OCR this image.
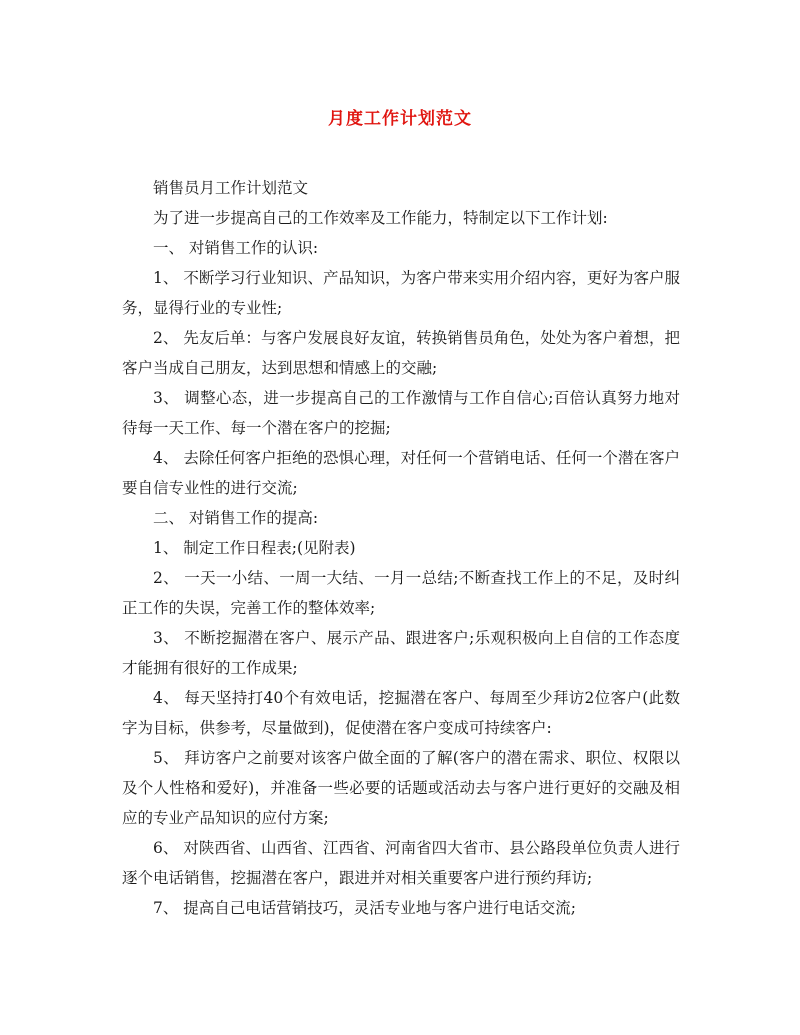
月度工作计划范文

销售员月工作计划范文

为了进一步提高自己的工作效率及工作能力，特制定以下工作计划:

一、 对销售工作的认识:

1、 不断学习行业知识、产品知识，为客户带来实用介绍内容，更好为客户服务，显得行业的专业性;

2、 先友后单：与客户发展良好友谊，转换销售员角色，处处为客户着想，把客户当成自己朋友，达到思想和情感上的交融;

3、 调整心态，进一步提高自己的工作激情与工作自信心;百倍认真努力地对待每一天工作、每一个潜在客户的挖掘;

4、 去除任何客户拒绝的恐惧心理，对任何一个营销电话、任何一个潜在客户要自信专业性的进行交流;

二、 对销售工作的提高:

1、 制定工作日程表;(见附表)

2、 一天一小结、一周一大结、一月一总结;不断查找工作上的不足，及时纠正工作的失误，完善工作的整体效率;

3、 不断挖掘潜在客户、展示产品、跟进客户;乐观积极向上自信的工作态度才能拥有很好的工作成果;

4、 每天坚持打40个有效电话，挖掘潜在客户、每周至少拜访2位客户(此数字为目标，供参考，尽量做到)，促使潜在客户变成可持续客户:

5、 拜访客户之前要对该客户做全面的了解(客户的潜在需求、职位、权限以及个人性格和爱好)，并准备一些必要的话题或活动去与客户进行更好的交融及相应的专业产品知识的应付方案;

6、 对陕西省、山西省、江西省、河南省四大省市、县公路段单位负责人进行逐个电话销售，挖掘潜在客户，跟进并对相关重要客户进行预约拜访;

7、 提高自己电话营销技巧，灵活专业地与客户进行电话交流;
